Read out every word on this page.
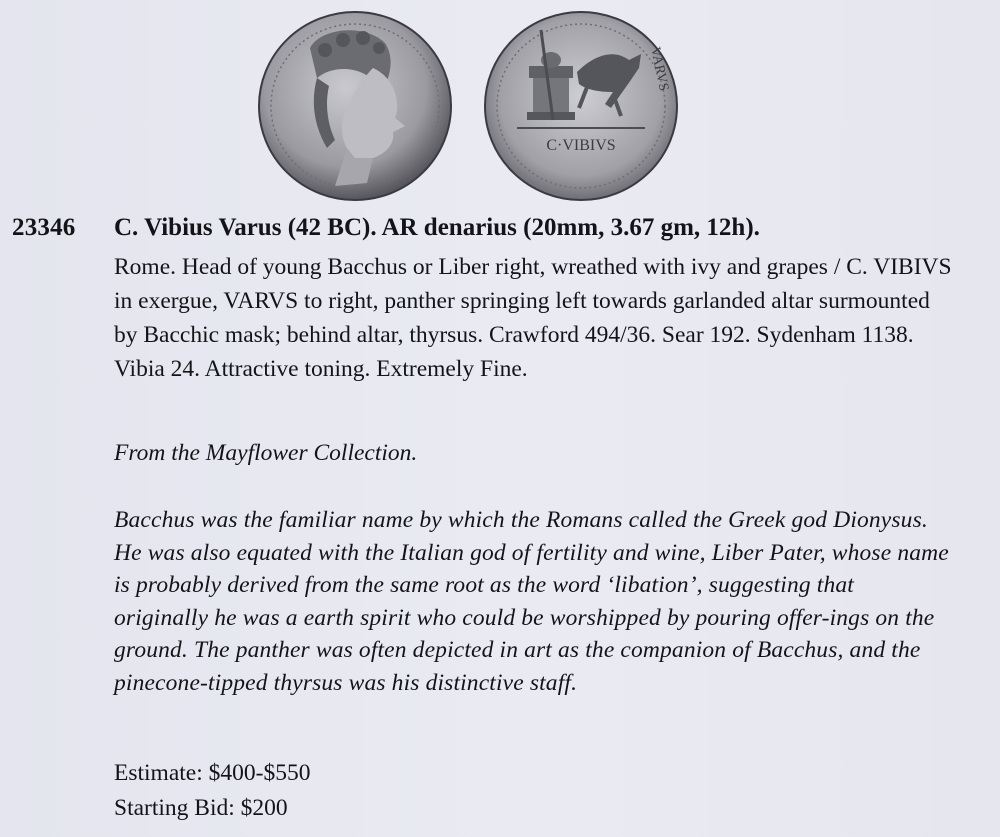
C·VIBIVS
VARVS
23346 C. Vibius Varus (42 BC). AR denarius (20mm, 3.67 gm, 12h).

Rome. Head of young Bacchus or Liber right, wreathed with ivy and grapes / C. VIBIVS in exergue, VARVS to right, panther springing left towards garlanded altar surmounted by Bacchic mask; behind altar, thyrsus. Crawford 494/36. Sear 192. Sydenham 1138. Vibia 24. Attractive toning. Extremely Fine.

From the Mayflower Collection.

Bacchus was the familiar name by which the Romans called the Greek god Dionysus. He was also equated with the Italian god of fertility and wine, Liber Pater, whose name is probably derived from the same root as the word ‘libation’, suggesting that originally he was a earth spirit who could be worshipped by pouring offer-ings on the ground. The panther was often depicted in art as the companion of Bacchus, and the pinecone-tipped thyrsus was his distinctive staff.

Estimate: $400-$550

Starting Bid: $200
